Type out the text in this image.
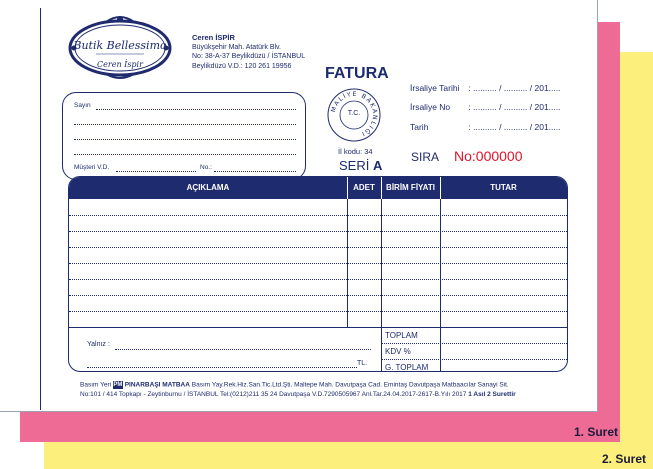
1. Suret
2. Suret
Butik Bellessimo
Ceren İspir
Ceren İSPİR
Büyükşehir Mah. Atatürk Blv.
No: 38-A-37 Beylikdüzü / İSTANBUL
Beylikdüzü V.D.: 120 261 19956	FATURA
MALİYE BAKANLIĞI
T.C.
İl kodu: 34
SERİ A
İrsaliye Tarihi : .......... / .......... / 201.....
İrsaliye No : .......... / .......... / 201.....
Tarih	: .......... / .......... / 201.....
SIRA No:000000
Sayın
Müşteri V.D.	No.:
AÇIKLAMA	ADET	BİRİM FİYATI	TUTAR
TOPLAM
KDV %
G. TOPLAM
Yalnız :
TL.
Basım Yeri PM PINARBAŞI MATBAA Basım Yay.Rek.Hiz.San.Tic.Ltd.Şti. Maltepe Mah. Davutpaşa Cad. Emintaş Davutpaşa Matbaacılar Sanayi Sit.
No:101 / 414 Topkapı - Zeytinburnu / İSTANBUL Tel:(0212)211 35 24 Davutpaşa V.D.7290505967 Anl.Tar.24.04.2017-2617-B.Yılı 2017 1 Asıl 2 Surettir
